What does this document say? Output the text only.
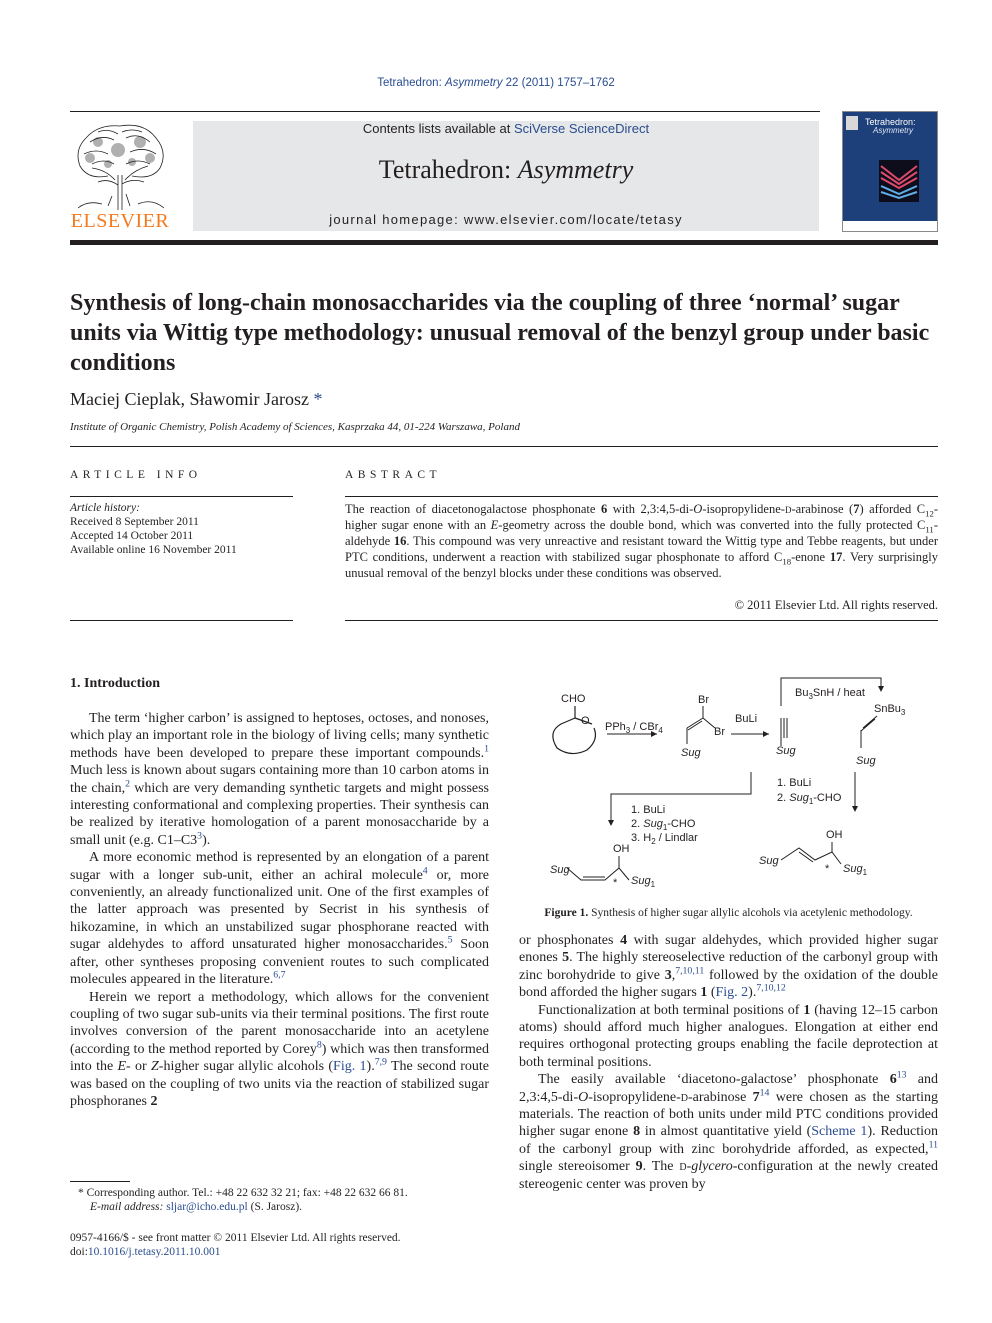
Tetrahedron: Asymmetry 22 (2011) 1757–1762
ELSEVIER
Contents lists available at SciVerse ScienceDirect
Tetrahedron: Asymmetry
journal homepage: www.elsevier.com/locate/tetasy
Tetrahedron:
Asymmetry
Synthesis of long-chain monosaccharides via the coupling of three ‘normal’ sugar units via Wittig type methodology: unusual removal of the benzyl group under basic conditions
Maciej Cieplak, Sławomir Jarosz *
Institute of Organic Chemistry, Polish Academy of Sciences, Kasprzaka 44, 01-224 Warszawa, Poland
ARTICLE INFO
Article history:
Received 8 September 2011
Accepted 14 October 2011
Available online 16 November 2011
ABSTRACT
The reaction of diacetonogalactose phosphonate 6 with 2,3:4,5-di-O-isopropylidene-d-arabinose (7) afforded $C_{12}$-higher sugar enone with an E-geometry across the double bond, which was converted into the fully protected $C_{11}$-aldehyde 16. This compound was very unreactive and resistant toward the Wittig type and Tebbe reagents, but under PTC conditions, underwent a reaction with stabilized sugar phosphonate to afford $C_{18}$-enone 17. Very surprisingly unusual removal of the benzyl blocks under these conditions was observed.
© 2011 Elsevier Ltd. All rights reserved.
1. Introduction

The term ‘higher carbon’ is assigned to heptoses, octoses, and nonoses, which play an important role in the biology of living cells; many synthetic methods have been developed to prepare these important compounds.$^1$ Much less is known about sugars containing more than 10 carbon atoms in the chain,$^2$ which are very demanding synthetic targets and might possess interesting conformational and complexing properties. Their synthesis can be realized by iterative homologation of a parent monosaccharide by a small unit (e.g. $C1-C3^3$).

A more economic method is represented by an elongation of a parent sugar with a longer sub-unit, either an achiral molecule$^4$ or, more conveniently, an already functionalized unit. One of the first examples of the latter approach was presented by Secrist in his synthesis of hikozamine, in which an unstabilized sugar phosphorane reacted with sugar aldehydes to afford unsaturated higher monosaccharides.$^5$ Soon after, other syntheses proposing convenient routes to such complicated molecules appeared in the literature.$^{6,7}$

Herein we report a methodology, which allows for the convenient coupling of two sugar sub-units via their terminal positions. The first route involves conversion of the parent monosaccharide into an acetylene (according to the method reported by Corey$^8$) which was then transformed into the E- or Z-higher sugar allylic alcohols (Fig. 1).$^{7,9}$ The second route was based on the coupling of two units via the reaction of stabilized sugar phosphoranes 2

* Corresponding author. Tel.: +48 22 632 32 21; fax: +48 22 632 66 81.
E-mail address: sljar@icho.edu.pl (S. Jarosz).
0957-4166/$ - see front matter © 2011 Elsevier Ltd. All rights reserved.
doi:10.1016/j.tetasy.2011.10.001
CHO
O PPh$_3$ / CBr$_4$
Br
Br
Sug
BuLi
Sug
$Bu_3SnH$ / heat
SnBu$_3$
Sug
1. BuLi
2. Sug$_1$-CHO
OH
Sug
* Sug$_1$
1. BuLi
2. Sug$_1$-CHO
3. $H_2$ / Lindlar
OH
Sug
* Sug$_1$
Figure 1. Synthesis of higher sugar allylic alcohols via acetylenic methodology.

or phosphonates 4 with sugar aldehydes, which provided higher sugar enones 5. The highly stereoselective reduction of the carbonyl group with zinc borohydride to give 3,$^{7,10,11}$ followed by the oxidation of the double bond afforded the higher sugars 1 (Fig. 2).$^{7,10,12}$

Functionalization at both terminal positions of 1 (having 12–15 carbon atoms) should afford much higher analogues. Elongation at either end requires orthogonal protecting groups enabling the facile deprotection at both terminal positions.

The easily available ‘diacetono-galactose’ phosphonate $6^{13}$ and 2,3:4,5-di-O-isopropylidene-d-arabinose $7^{14}$ were chosen as the starting materials. The reaction of both units under mild PTC conditions provided higher sugar enone 8 in almost quantitative yield (Scheme 1). Reduction of the carbonyl group with zinc borohydride afforded, as expected,$^{11}$ single stereoisomer 9. The d-glycero-configuration at the newly created stereogenic center was proven by
